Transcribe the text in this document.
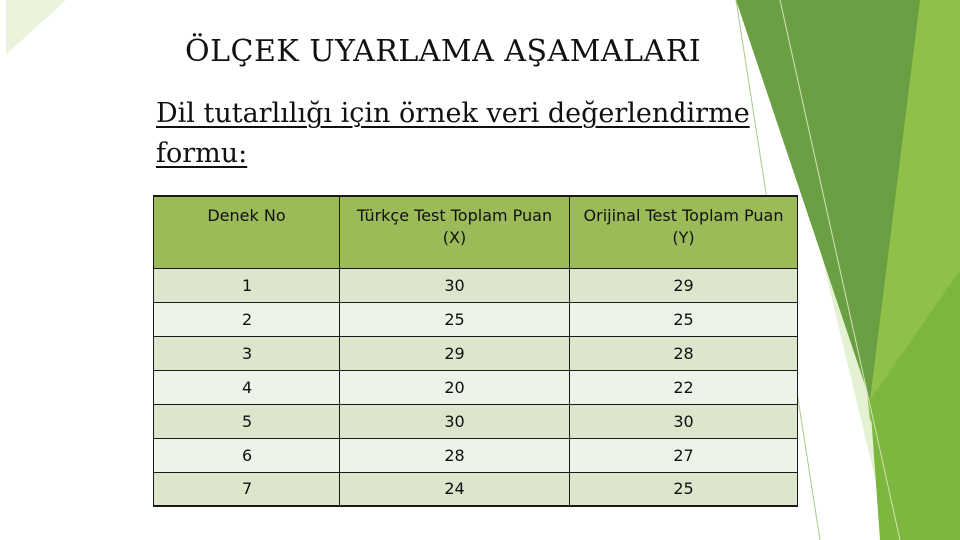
ÖLÇEK UYARLAMA AŞAMALARI

Dil tutarlılığı için örnek veri değerlendirme formu:

Denek No	Türkçe Test Toplam Puan (X)	Orijinal Test Toplam Puan (Y)
1	30	29
2	25	25
3	29	28
4	20	22
5	30	30
6	28	27
7	24	25
